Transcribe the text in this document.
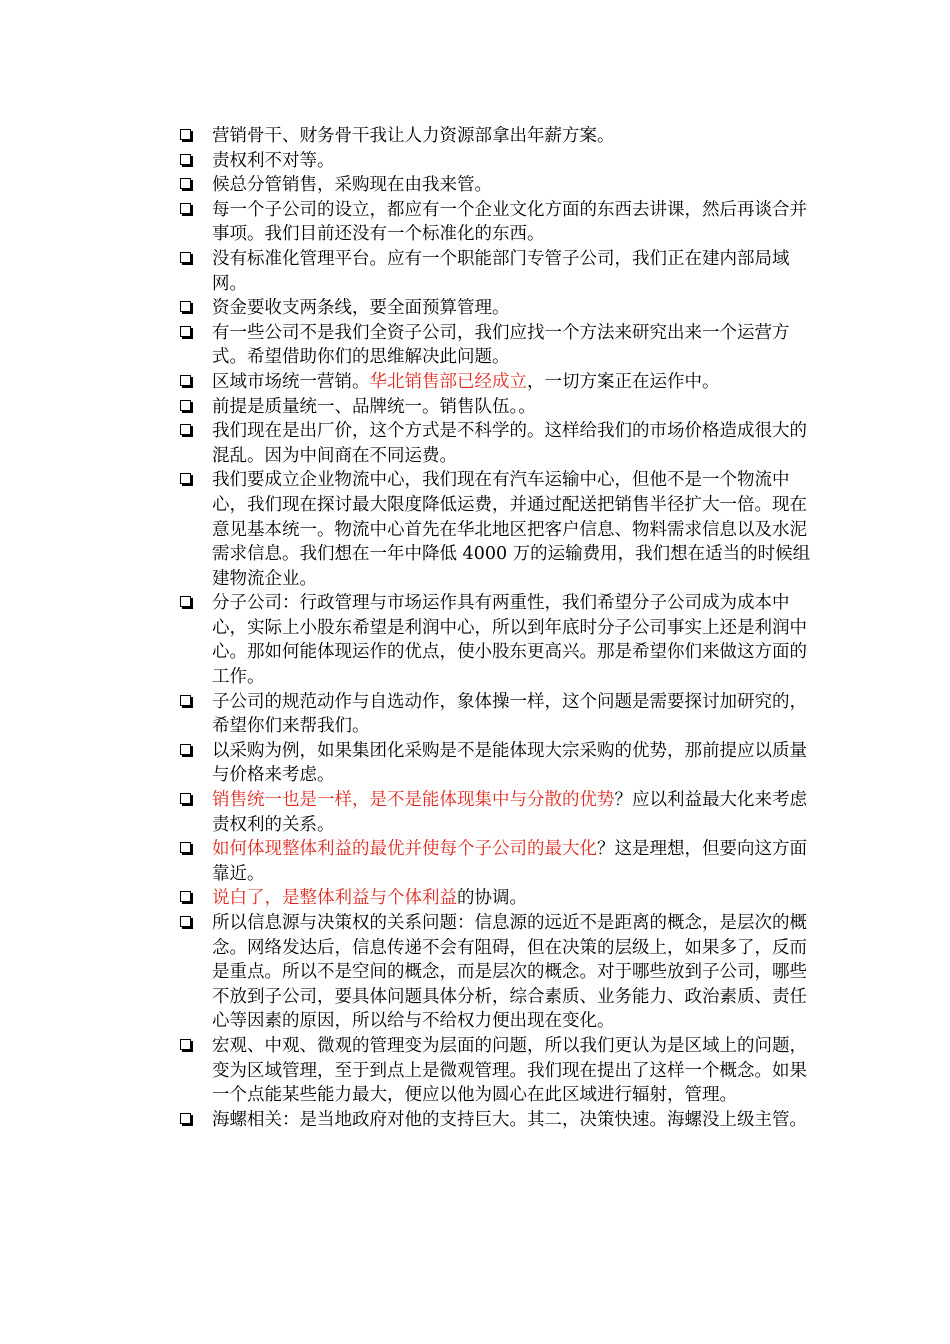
营销骨干、财务骨干我让人力资源部拿出年薪方案。
责权利不对等。
候总分管销售，采购现在由我来管。
每一个子公司的设立，都应有一个企业文化方面的东西去讲课，然后再谈合并事项。我们目前还没有一个标准化的东西。
没有标准化管理平台。应有一个职能部门专管子公司，我们正在建内部局域网。
资金要收支两条线，要全面预算管理。
有一些公司不是我们全资子公司，我们应找一个方法来研究出来一个运营方式。希望借助你们的思维解决此问题。
区域市场统一营销。华北销售部已经成立，一切方案正在运作中。
前提是质量统一、品牌统一。销售队伍。。
我们现在是出厂价，这个方式是不科学的。这样给我们的市场价格造成很大的混乱。因为中间商在不同运费。
我们要成立企业物流中心，我们现在有汽车运输中心，但他不是一个物流中心，我们现在探讨最大限度降低运费，并通过配送把销售半径扩大一倍。现在意见基本统一。物流中心首先在华北地区把客户信息、物料需求信息以及水泥需求信息。我们想在一年中降低 4000 万的运输费用，我们想在适当的时候组建物流企业。
分子公司：行政管理与市场运作具有两重性，我们希望分子公司成为成本中心，实际上小股东希望是利润中心，所以到年底时分子公司事实上还是利润中心。那如何能体现运作的优点，使小股东更高兴。那是希望你们来做这方面的工作。
子公司的规范动作与自选动作，象体操一样，这个问题是需要探讨加研究的，希望你们来帮我们。
以采购为例，如果集团化采购是不是能体现大宗采购的优势，那前提应以质量与价格来考虑。
销售统一也是一样，是不是能体现集中与分散的优势？应以利益最大化来考虑责权利的关系。
如何体现整体利益的最优并使每个子公司的最大化？这是理想，但要向这方面靠近。
说白了，是整体利益与个体利益的协调。
所以信息源与决策权的关系问题：信息源的远近不是距离的概念，是层次的概念。网络发达后，信息传递不会有阻碍，但在决策的层级上，如果多了，反而是重点。所以不是空间的概念，而是层次的概念。对于哪些放到子公司，哪些不放到子公司，要具体问题具体分析，综合素质、业务能力、政治素质、责任心等因素的原因，所以给与不给权力便出现在变化。
宏观、中观、微观的管理变为层面的问题，所以我们更认为是区域上的问题，变为区域管理，至于到点上是微观管理。我们现在提出了这样一个概念。如果一个点能某些能力最大，便应以他为圆心在此区域进行辐射，管理。
海螺相关：是当地政府对他的支持巨大。其二，决策快速。海螺没上级主管。
